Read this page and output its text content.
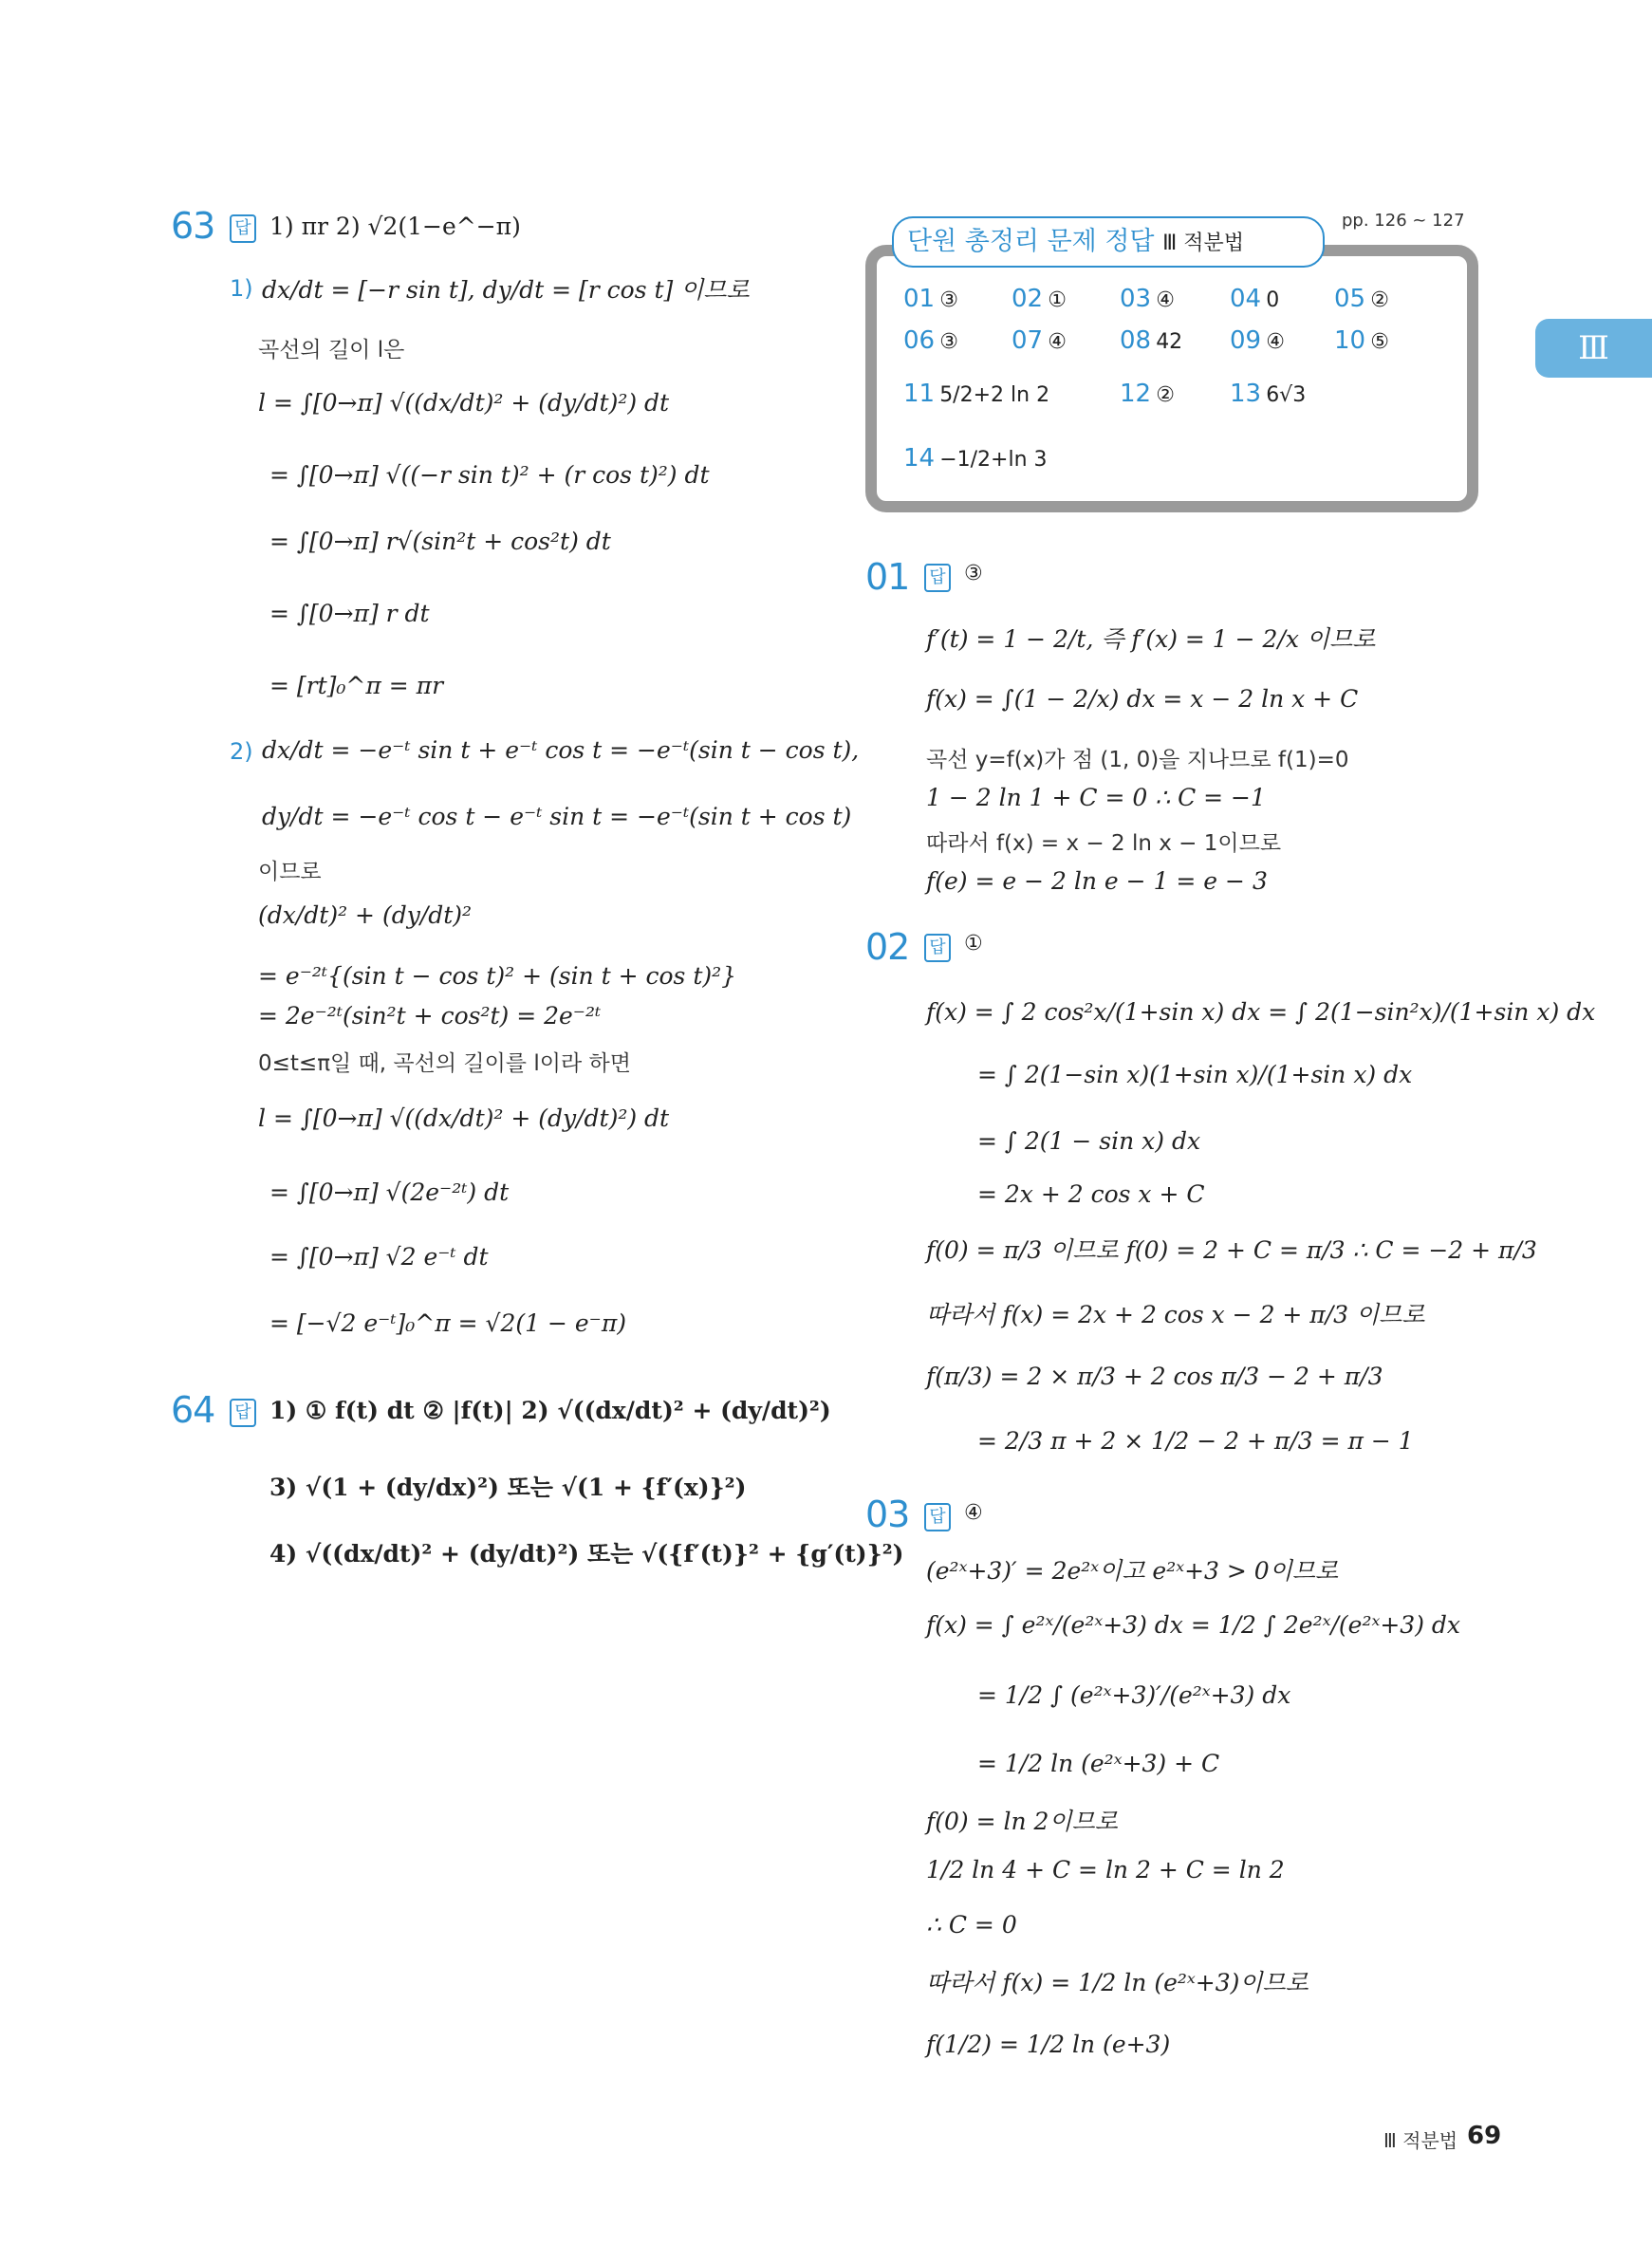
63 답 1) πr 2) √2(1−e^−π)
1) dx/dt = [−r sin t], dy/dt = [r cos t] 이므로
곡선의 길이 l은
l = ∫[0→π] √((dx/dt)² + (dy/dt)²) dt
= ∫[0→π] √((−r sin t)² + (r cos t)²) dt
= ∫[0→π] r√(sin²t + cos²t) dt
= ∫[0→π] r dt
= [rt]₀^π = πr
2) dx/dt = −e⁻ᵗ sin t + e⁻ᵗ cos t = −e⁻ᵗ(sin t − cos t),
dy/dt = −e⁻ᵗ cos t − e⁻ᵗ sin t = −e⁻ᵗ(sin t + cos t)
이므로
(dx/dt)² + (dy/dt)²
= e⁻²ᵗ{(sin t − cos t)² + (sin t + cos t)²}
= 2e⁻²ᵗ(sin²t + cos²t) = 2e⁻²ᵗ
0≤t≤π일 때, 곡선의 길이를 l이라 하면
l = ∫[0→π] √((dx/dt)² + (dy/dt)²) dt
= ∫[0→π] √(2e⁻²ᵗ) dt
= ∫[0→π] √2 e⁻ᵗ dt
= [−√2 e⁻ᵗ]₀^π = √2(1 − e⁻π)
64 답 1) ① f(t) dt ② |f(t)| 2) √((dx/dt)² + (dy/dt)²)
3) √(1 + (dy/dx)²) 또는 √(1 + {f′(x)}²)
4) √((dx/dt)² + (dy/dt)²) 또는 √({f′(t)}² + {g′(t)}²)
pp. 126 ~ 127
단원 총정리 문제 정답 Ⅲ 적분법
01 ③ 02 ① 03 ④ 04 0 05 ②
06 ③ 07 ④ 08 42 09 ④ 10 ⑤
11 5/2+2 ln 2	12 ② 13 6√3
14 −1/2+ln 3
Ⅲ
01 답 ③
f′(t) = 1 − 2/t, 즉 f′(x) = 1 − 2/x 이므로
f(x) = ∫(1 − 2/x) dx = x − 2 ln x + C
곡선 y=f(x)가 점 (1, 0)을 지나므로 f(1)=0
1 − 2 ln 1 + C = 0 ∴ C = −1
따라서 f(x) = x − 2 ln x − 1이므로
f(e) = e − 2 ln e − 1 = e − 3
02 답 ①
f(x) = ∫ 2 cos²x/(1+sin x) dx = ∫ 2(1−sin²x)/(1+sin x) dx
= ∫ 2(1−sin x)(1+sin x)/(1+sin x) dx
= ∫ 2(1 − sin x) dx
= 2x + 2 cos x + C
f(0) = π/3 이므로 f(0) = 2 + C = π/3 ∴ C = −2 + π/3
따라서 f(x) = 2x + 2 cos x − 2 + π/3 이므로
f(π/3) = 2 × π/3 + 2 cos π/3 − 2 + π/3
= 2/3 π + 2 × 1/2 − 2 + π/3 = π − 1
03 답 ④
(e²ˣ+3)′ = 2e²ˣ이고 e²ˣ+3 > 0이므로
f(x) = ∫ e²ˣ/(e²ˣ+3) dx = 1/2 ∫ 2e²ˣ/(e²ˣ+3) dx
= 1/2 ∫ (e²ˣ+3)′/(e²ˣ+3) dx
= 1/2 ln (e²ˣ+3) + C
f(0) = ln 2이므로
1/2 ln 4 + C = ln 2 + C = ln 2
∴ C = 0
따라서 f(x) = 1/2 ln (e²ˣ+3)이므로
f(1/2) = 1/2 ln (e+3)
Ⅲ 적분법 69
